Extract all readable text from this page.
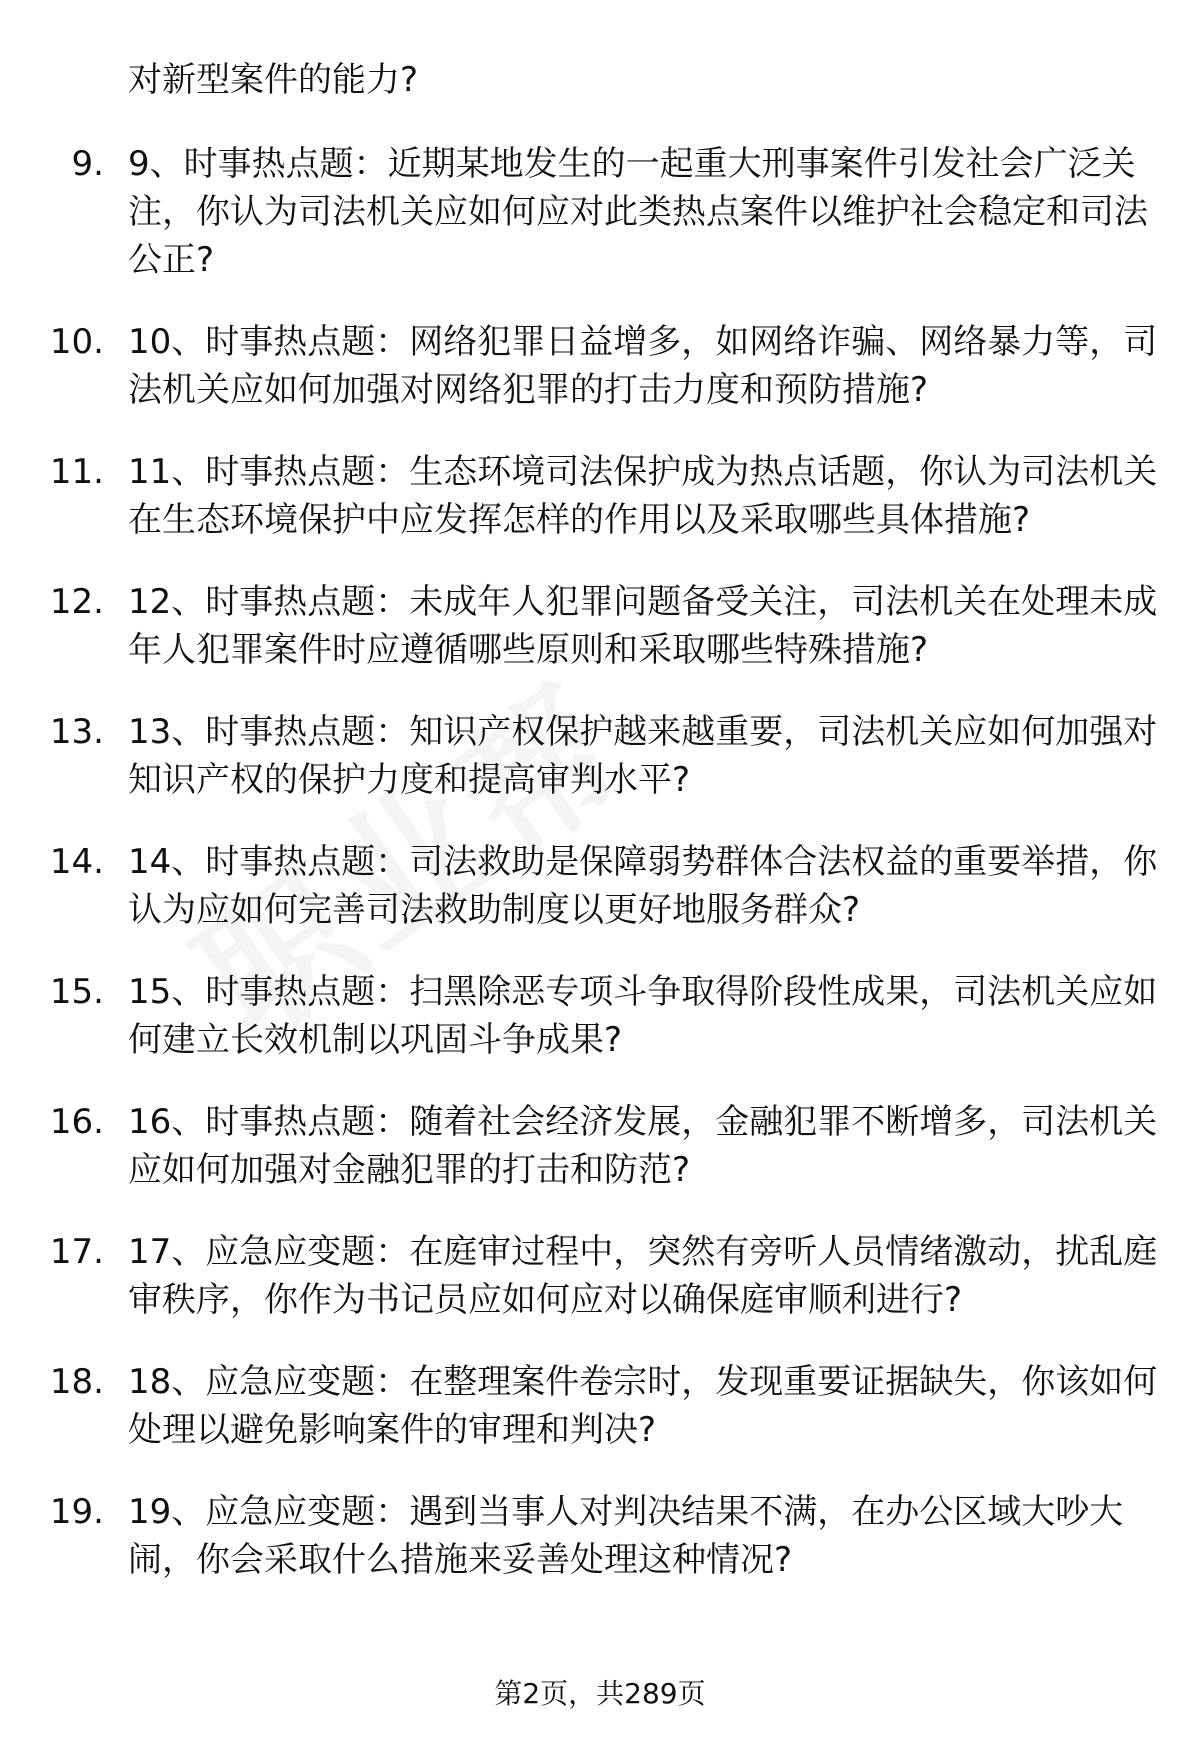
对新型案件的能力?

9. 9、时事热点题：近期某地发生的一起重大刑事案件引发社会广泛关注，你认为司法机关应如何应对此类热点案件以维护社会稳定和司法公正?
10. 10、时事热点题：网络犯罪日益增多，如网络诈骗、网络暴力等，司法机关应如何加强对网络犯罪的打击力度和预防措施?
11. 11、时事热点题：生态环境司法保护成为热点话题，你认为司法机关在生态环境保护中应发挥怎样的作用以及采取哪些具体措施?
12. 12、时事热点题：未成年人犯罪问题备受关注，司法机关在处理未成年人犯罪案件时应遵循哪些原则和采取哪些特殊措施?
13. 13、时事热点题：知识产权保护越来越重要，司法机关应如何加强对知识产权的保护力度和提高审判水平?
14. 14、时事热点题：司法救助是保障弱势群体合法权益的重要举措，你认为应如何完善司法救助制度以更好地服务群众?
15. 15、时事热点题：扫黑除恶专项斗争取得阶段性成果，司法机关应如何建立长效机制以巩固斗争成果?
16. 16、时事热点题：随着社会经济发展，金融犯罪不断增多，司法机关应如何加强对金融犯罪的打击和防范?
17. 17、应急应变题：在庭审过程中，突然有旁听人员情绪激动，扰乱庭审秩序，你作为书记员应如何应对以确保庭审顺利进行?
18. 18、应急应变题：在整理案件卷宗时，发现重要证据缺失，你该如何处理以避免影响案件的审理和判决?
19. 19、应急应变题：遇到当事人对判决结果不满，在办公区域大吵大闹，你会采取什么措施来妥善处理这种情况?
第2页，共289页
